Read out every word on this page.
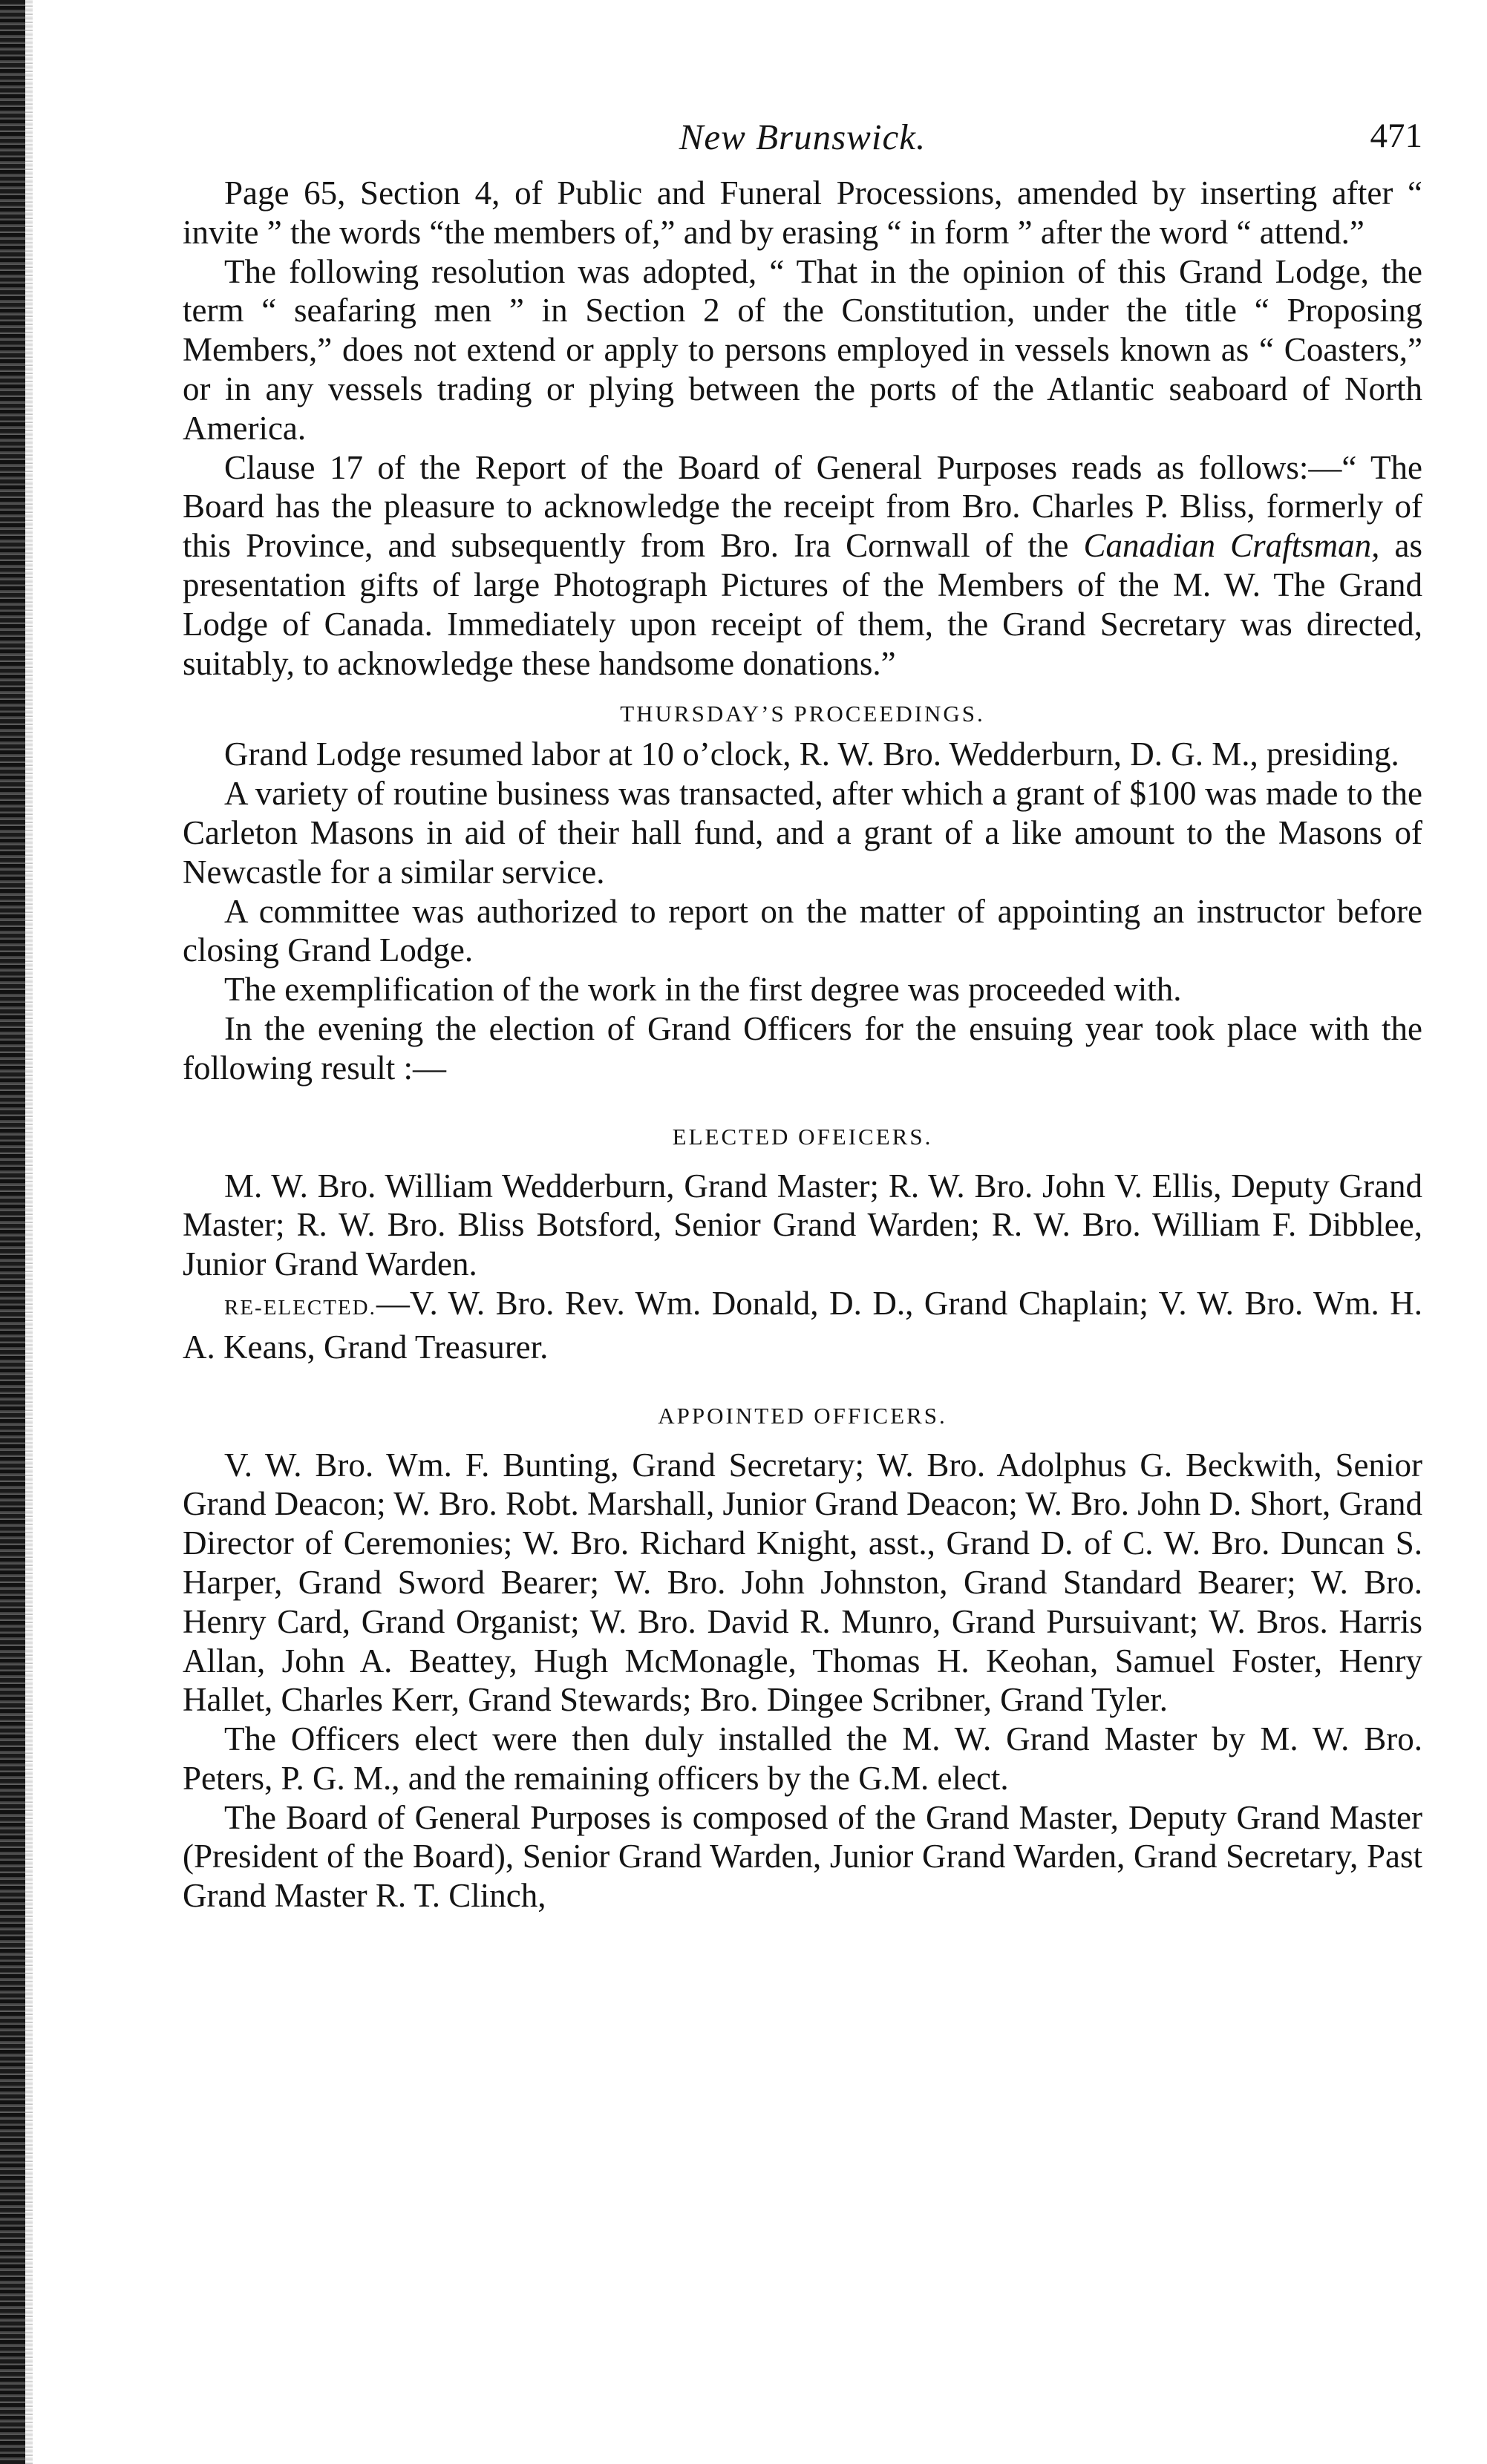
New Brunswick.	471

Page 65, Section 4, of Public and Funeral Processions, amended by inserting after “ invite ” the words “the members of,” and by erasing “ in form ” after the word “ attend.”

The following resolution was adopted, “ That in the opinion of this Grand Lodge, the term “ seafaring men ” in Section 2 of the Constitution, under the title “ Proposing Members,” does not extend or apply to persons employed in vessels known as “ Coasters,” or in any vessels trading or plying between the ports of the Atlantic seaboard of North America.

Clause 17 of the Report of the Board of General Purposes reads as follows:—“ The Board has the pleasure to acknowledge the receipt from Bro. Charles P. Bliss, formerly of this Province, and subsequently from Bro. Ira Cornwall of the Canadian Craftsman, as presentation gifts of large Photograph Pictures of the Members of the M. W. The Grand Lodge of Canada. Immediately upon receipt of them, the Grand Secretary was directed, suitably, to acknowledge these handsome donations.”

THURSDAY’S PROCEEDINGS.

Grand Lodge resumed labor at 10 o’clock, R. W. Bro. Wedderburn, D. G. M., presiding.

A variety of routine business was transacted, after which a grant of $100 was made to the Carleton Masons in aid of their hall fund, and a grant of a like amount to the Masons of Newcastle for a similar service.

A committee was authorized to report on the matter of appointing an instructor before closing Grand Lodge.

The exemplification of the work in the first degree was proceeded with.

In the evening the election of Grand Officers for the ensuing year took place with the following result :—

ELECTED OFEICERS.

M. W. Bro. William Wedderburn, Grand Master; R. W. Bro. John V. Ellis, Deputy Grand Master; R. W. Bro. Bliss Botsford, Senior Grand Warden; R. W. Bro. William F. Dibblee, Junior Grand Warden.

RE-ELECTED.—V. W. Bro. Rev. Wm. Donald, D. D., Grand Chaplain; V. W. Bro. Wm. H. A. Keans, Grand Treasurer.

APPOINTED OFFICERS.

V. W. Bro. Wm. F. Bunting, Grand Secretary; W. Bro. Adolphus G. Beckwith, Senior Grand Deacon; W. Bro. Robt. Marshall, Junior Grand Deacon; W. Bro. John D. Short, Grand Director of Ceremonies; W. Bro. Richard Knight, asst., Grand D. of C. W. Bro. Duncan S. Harper, Grand Sword Bearer; W. Bro. John Johnston, Grand Standard Bearer; W. Bro. Henry Card, Grand Organist; W. Bro. David R. Munro, Grand Pursuivant; W. Bros. Harris Allan, John A. Beattey, Hugh McMonagle, Thomas H. Keohan, Samuel Foster, Henry Hallet, Charles Kerr, Grand Stewards; Bro. Dingee Scribner, Grand Tyler.

The Officers elect were then duly installed the M. W. Grand Master by M. W. Bro. Peters, P. G. M., and the remaining officers by the G.M. elect.

The Board of General Purposes is composed of the Grand Master, Deputy Grand Master (President of the Board), Senior Grand Warden, Junior Grand Warden, Grand Secretary, Past Grand Master R. T. Clinch,
